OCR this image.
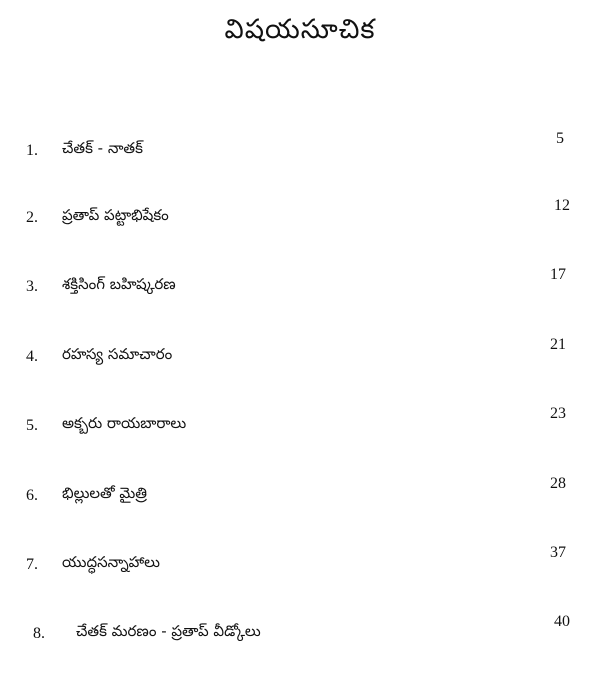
విషయసూచిక
1. చేతక్ - నాతక్
5
2. ప్రతాప్ పట్టాభిషేకం
12
3. శక్తిసింగ్ బహిష్కరణ
17
4. రహస్య సమాచారం
21
5. అక్బరు రాయబారాలు
23
6. భిల్లులతో మైత్రి
28
7. యుద్ధసన్నాహాలు
37
8. చేతక్ మరణం - ప్రతాప్ వీడ్కోలు
40
